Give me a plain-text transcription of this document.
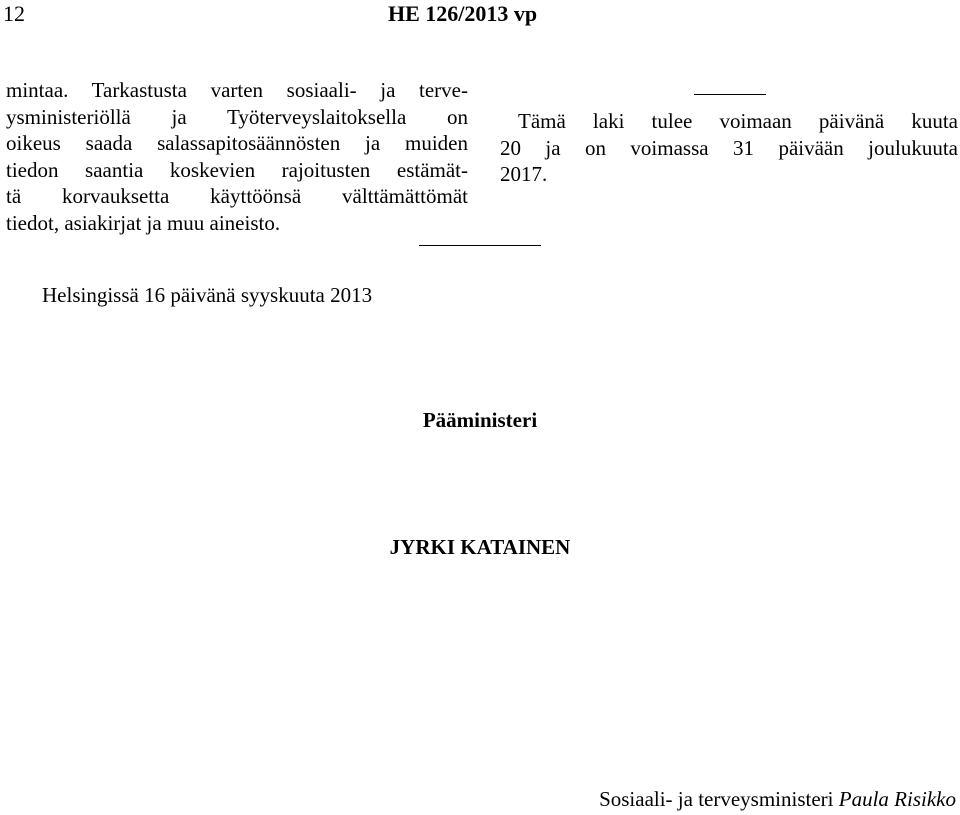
12	HE 126/2013 vp
mintaa. Tarkastusta varten sosiaali- ja terve-
ysministeriöllä ja Työterveyslaitoksella on
oikeus saada salassapitosäännösten ja muiden
tiedon saantia koskevien rajoitusten estämät-
tä korvauksetta käyttöönsä välttämättömät
tiedot, asiakirjat ja muu aineisto.
Tämä laki tulee voimaan päivänä kuuta
20 ja on voimassa 31 päivään joulukuuta
2017.
Helsingissä 16 päivänä syyskuuta 2013
Pääministeri
JYRKI KATAINEN
Sosiaali- ja terveysministeri Paula Risikko
